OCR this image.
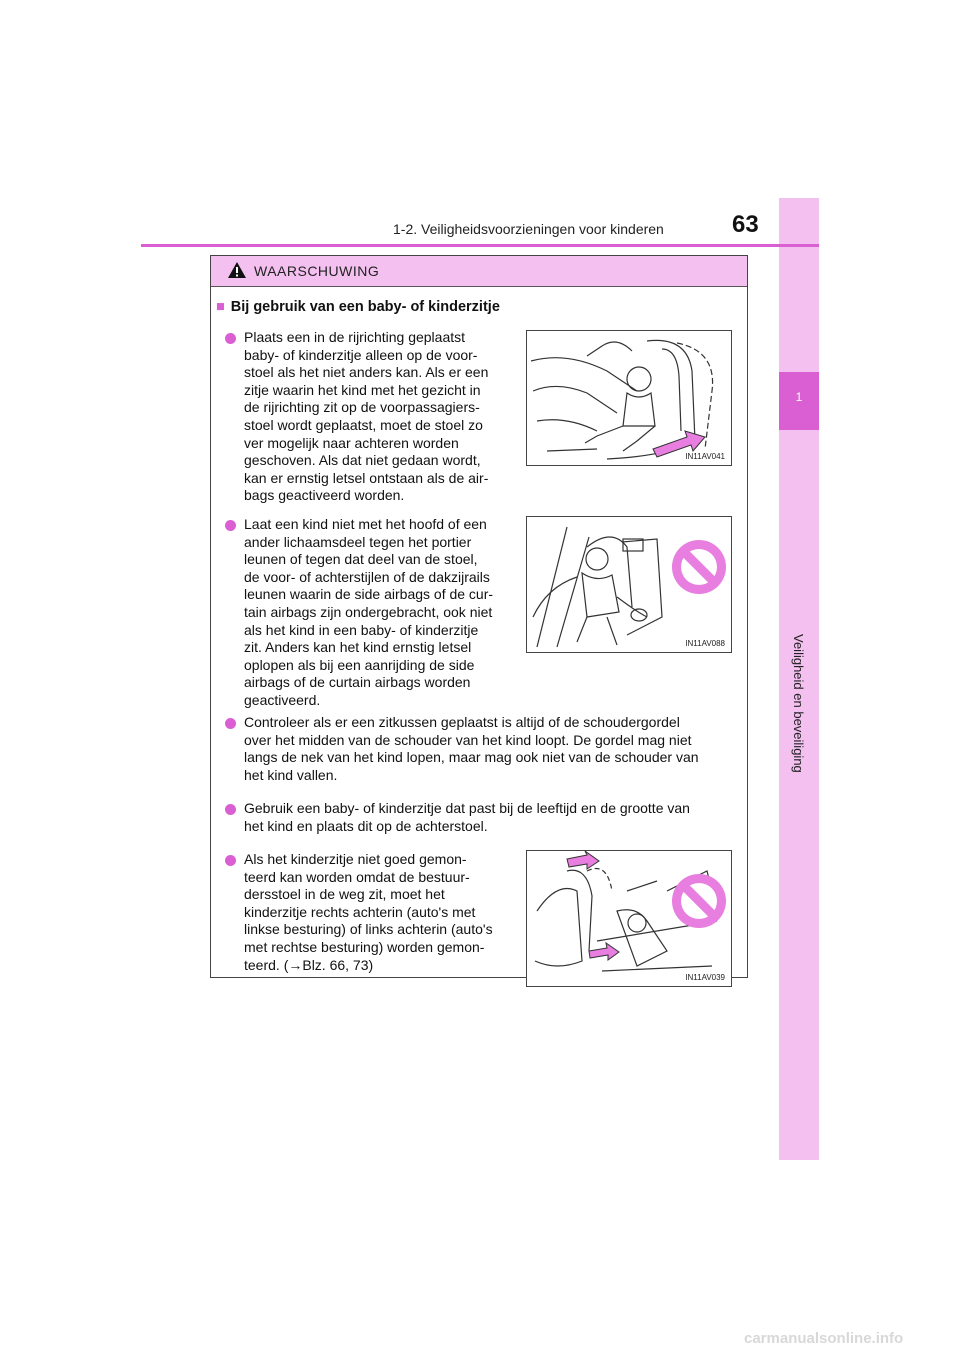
1
Veiligheid en beveiliging
1-2. Veiligheidsvoorzieningen voor kinderen	63
WAARSCHUWING
■ Bij gebruik van een baby- of kinderzitje
Plaats een in de rijrichting geplaatst
baby- of kinderzitje alleen op de voor-
stoel als het niet anders kan. Als er een
zitje waarin het kind met het gezicht in
de rijrichting zit op de voorpassagiers-
stoel wordt geplaatst, moet de stoel zo
ver mogelijk naar achteren worden
geschoven. Als dat niet gedaan wordt,
kan er ernstig letsel ontstaan als de air-
bags geactiveerd worden.
IN11AV041
Laat een kind niet met het hoofd of een
ander lichaamsdeel tegen het portier
leunen of tegen dat deel van de stoel,
de voor- of achterstijlen of de dakzijrails
leunen waarin de side airbags of de cur-
tain airbags zijn ondergebracht, ook niet
als het kind in een baby- of kinderzitje
zit. Anders kan het kind ernstig letsel
oplopen als bij een aanrijding de side
airbags of de curtain airbags worden
geactiveerd.
IN11AV088
Controleer als er een zitkussen geplaatst is altijd of de schoudergordel
over het midden van de schouder van het kind loopt. De gordel mag niet
langs de nek van het kind lopen, maar mag ook niet van de schouder van
het kind vallen.
Gebruik een baby- of kinderzitje dat past bij de leeftijd en de grootte van
het kind en plaats dit op de achterstoel.
Als het kinderzitje niet goed gemon-
teerd kan worden omdat de bestuur-
dersstoel in de weg zit, moet het
kinderzitje rechts achterin (auto's met
linkse besturing) of links achterin (auto's
met rechtse besturing) worden gemon-
teerd. (→Blz. 66, 73)
IN11AV039
carmanualsonline.info
